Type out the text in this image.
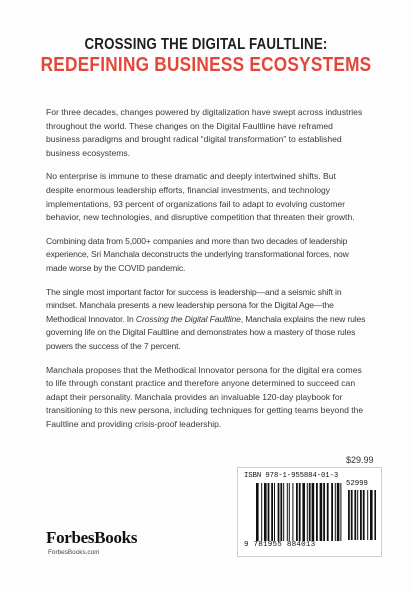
CROSSING THE DIGITAL FAULTLINE:
REDEFINING BUSINESS ECOSYSTEMS

For three decades, changes powered by digitalization have swept across industries throughout the world. These changes on the Digital Faultline have reframed business paradigms and brought radical “digital transformation” to established business ecosystems.

No enterprise is immune to these dramatic and deeply intertwined shifts. But despite enormous leadership efforts, financial investments, and technology implementations, 93 percent of organizations fail to adapt to evolving customer behavior, new technologies, and disruptive competition that threaten their growth.

Combining data from 5,000+ companies and more than two decades of leadership experience, Sri Manchala deconstructs the underlying transformational forces, now made worse by the COVID pandemic.

The single most important factor for success is leadership—and a seismic shift in mindset. Manchala presents a new leadership persona for the Digital Age—the Methodical Innovator. In Crossing the Digital Faultline, Manchala explains the new rules governing life on the Digital Faultline and demonstrates how a mastery of those rules powers the success of the 7 percent.

Manchala proposes that the Methodical Innovator persona for the digital era comes to life through constant practice and therefore anyone determined to succeed can adapt their personality. Manchala provides an invaluable 120-day playbook for transitioning to this new persona, including techniques for getting teams beyond the Faultline and providing crisis-proof leadership.

$29.99
ISBN 978-1-955884-01-3
52999
9 781955 884013
ForbesBooks
ForbesBooks.com
